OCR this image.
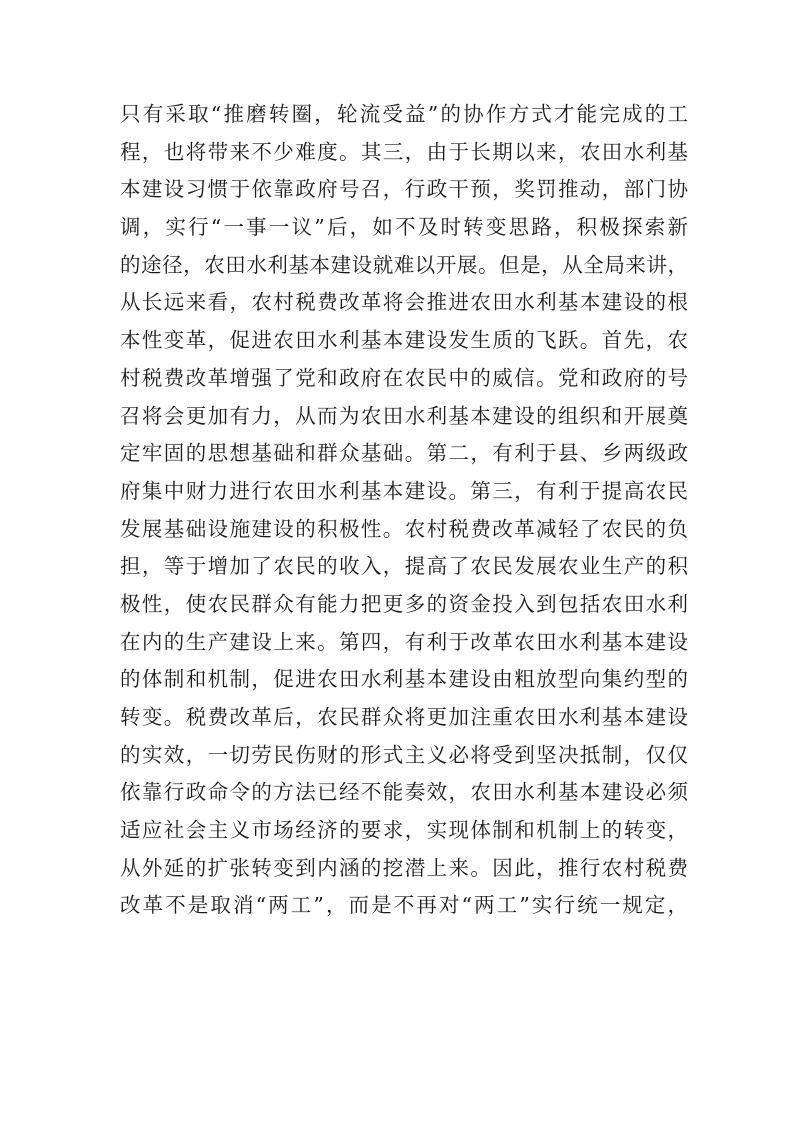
只有采取“推磨转圈，轮流受益”的协作方式才能完成的工
程，也将带来不少难度。其三，由于长期以来，农田水利基
本建设习惯于依靠政府号召，行政干预，奖罚推动，部门协
调，实行“一事一议”后，如不及时转变思路，积极探索新
的途径，农田水利基本建设就难以开展。但是，从全局来讲，
从长远来看，农村税费改革将会推进农田水利基本建设的根
本性变革，促进农田水利基本建设发生质的飞跃。首先，农
村税费改革增强了党和政府在农民中的威信。党和政府的号
召将会更加有力，从而为农田水利基本建设的组织和开展奠
定牢固的思想基础和群众基础。第二，有利于县、乡两级政
府集中财力进行农田水利基本建设。第三，有利于提高农民
发展基础设施建设的积极性。农村税费改革减轻了农民的负
担，等于增加了农民的收入，提高了农民发展农业生产的积
极性，使农民群众有能力把更多的资金投入到包括农田水利
在内的生产建设上来。第四，有利于改革农田水利基本建设
的体制和机制，促进农田水利基本建设由粗放型向集约型的
转变。税费改革后，农民群众将更加注重农田水利基本建设
的实效，一切劳民伤财的形式主义必将受到坚决抵制，仅仅
依靠行政命令的方法已经不能奏效，农田水利基本建设必须
适应社会主义市场经济的要求，实现体制和机制上的转变，
从外延的扩张转变到内涵的挖潜上来。因此，推行农村税费
改革不是取消“两工”，而是不再对“两工”实行统一规定，
